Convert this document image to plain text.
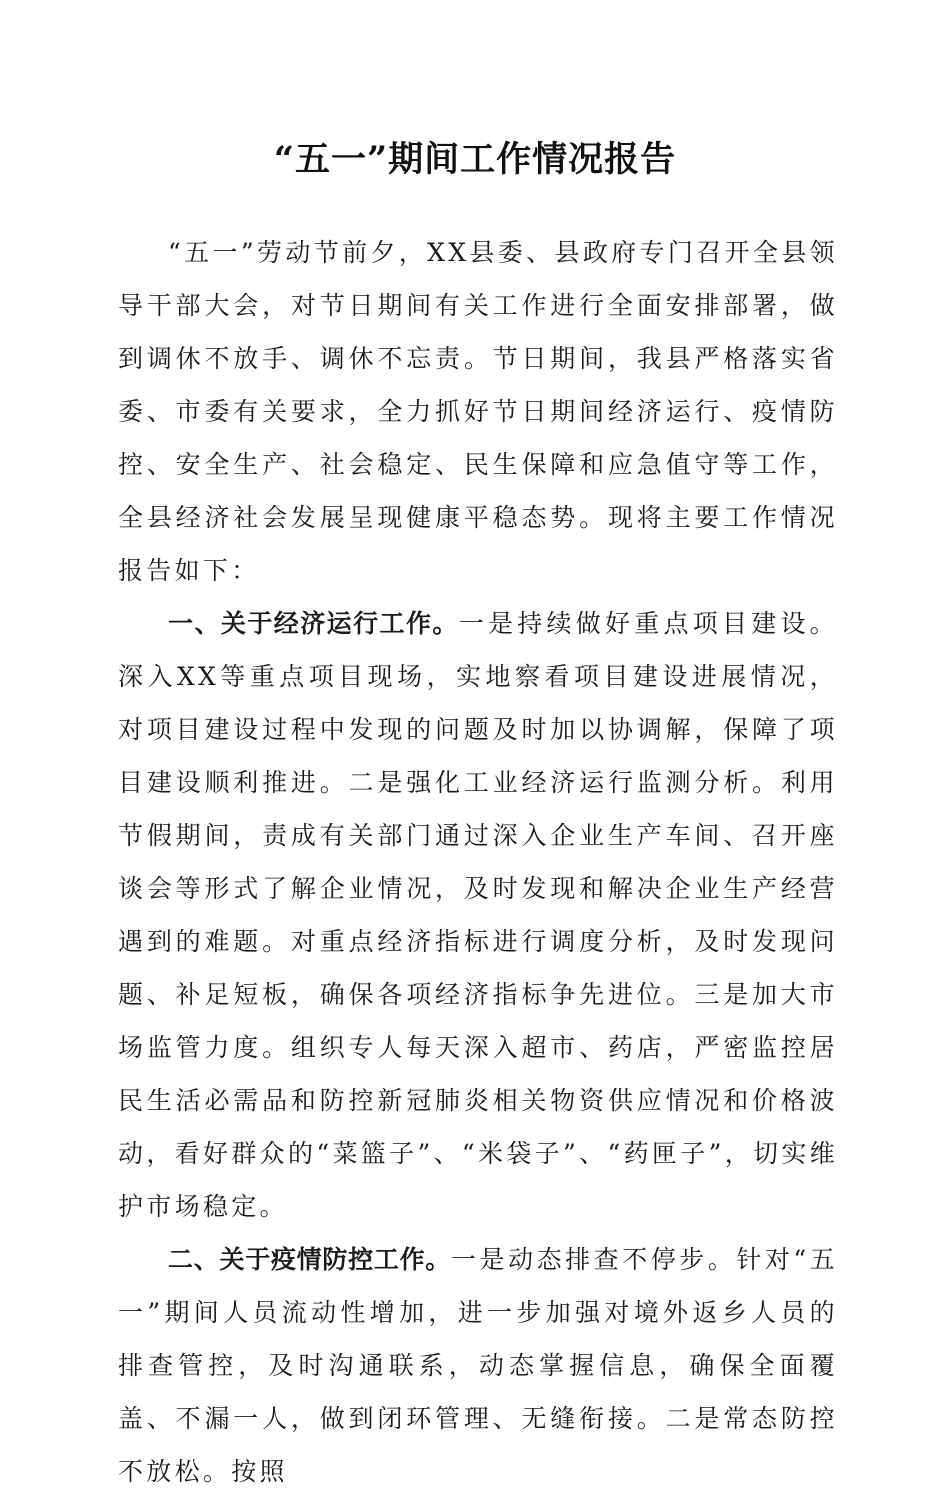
“五一”期间工作情况报告

“五一”劳动节前夕，XX县委、县政府专门召开全县领导干部大会，对节日期间有关工作进行全面安排部署，做到调休不放手、调休不忘责。节日期间，我县严格落实省委、市委有关要求，全力抓好节日期间经济运行、疫情防控、安全生产、社会稳定、民生保障和应急值守等工作，全县经济社会发展呈现健康平稳态势。现将主要工作情况报告如下：

一、关于经济运行工作。一是持续做好重点项目建设。深入XX等重点项目现场，实地察看项目建设进展情况，对项目建设过程中发现的问题及时加以协调解，保障了项目建设顺利推进。二是强化工业经济运行监测分析。利用节假期间，责成有关部门通过深入企业生产车间、召开座谈会等形式了解企业情况，及时发现和解决企业生产经营遇到的难题。对重点经济指标进行调度分析，及时发现问题、补足短板，确保各项经济指标争先进位。三是加大市场监管力度。组织专人每天深入超市、药店，严密监控居民生活必需品和防控新冠肺炎相关物资供应情况和价格波动，看好群众的“菜篮子”、“米袋子”、“药匣子”，切实维护市场稳定。

二、关于疫情防控工作。一是动态排查不停步。针对“五一”期间人员流动性增加，进一步加强对境外返乡人员的排查管控，及时沟通联系，动态掌握信息，确保全面覆盖、不漏一人，做到闭环管理、无缝衔接。二是常态防控不放松。按照
